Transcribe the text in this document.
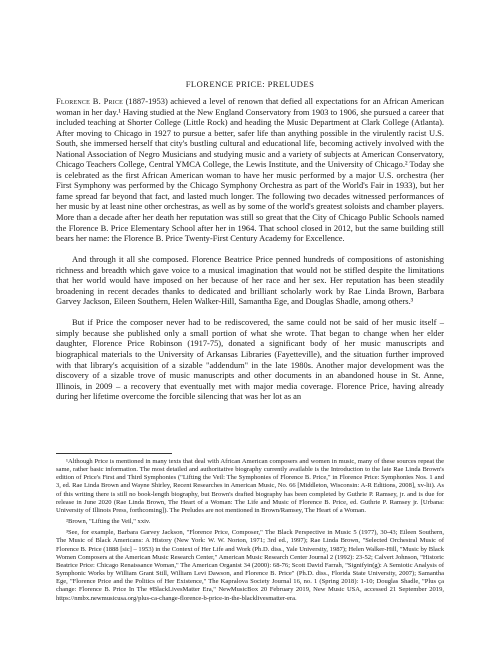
FLORENCE PRICE: PRELUDES

Florence B. Price (1887-1953) achieved a level of renown that defied all expectations for an African American woman in her day.¹ Having studied at the New England Conservatory from 1903 to 1906, she pursued a career that included teaching at Shorter College (Little Rock) and heading the Music Department at Clark College (Atlanta). After moving to Chicago in 1927 to pursue a better, safer life than anything possible in the virulently racist U.S. South, she immersed herself that city's bustling cultural and educational life, becoming actively involved with the National Association of Negro Musicians and studying music and a variety of subjects at American Conservatory, Chicago Teachers College, Central YMCA College, the Lewis Institute, and the University of Chicago.² Today she is celebrated as the first African American woman to have her music performed by a major U.S. orchestra (her First Symphony was performed by the Chicago Symphony Orchestra as part of the World's Fair in 1933), but her fame spread far beyond that fact, and lasted much longer. The following two decades witnessed performances of her music by at least nine other orchestras, as well as by some of the world's greatest soloists and chamber players. More than a decade after her death her reputation was still so great that the City of Chicago Public Schools named the Florence B. Price Elementary School after her in 1964. That school closed in 2012, but the same building still bears her name: the Florence B. Price Twenty-First Century Academy for Excellence.

And through it all she composed. Florence Beatrice Price penned hundreds of compositions of astonishing richness and breadth which gave voice to a musical imagination that would not be stifled despite the limitations that her world would have imposed on her because of her race and her sex. Her reputation has been steadily broadening in recent decades thanks to dedicated and brilliant scholarly work by Rae Linda Brown, Barbara Garvey Jackson, Eileen Southern, Helen Walker-Hill, Samantha Ege, and Douglas Shadle, among others.³

But if Price the composer never had to be rediscovered, the same could not be said of her music itself – simply because she published only a small portion of what she wrote. That began to change when her elder daughter, Florence Price Robinson (1917-75), donated a significant body of her music manuscripts and biographical materials to the University of Arkansas Libraries (Fayetteville), and the situation further improved with that library's acquisition of a sizable "addendum" in the late 1980s. Another major development was the discovery of a sizable trove of music manuscripts and other documents in an abandoned house in St. Anne, Illinois, in 2009 – a recovery that eventually met with major media coverage. Florence Price, having already during her lifetime overcome the forcible silencing that was her lot as an

¹Although Price is mentioned in many texts that deal with African American composers and women in music, many of these sources repeat the same, rather basic information. The most detailed and authoritative biography currently available is the Introduction to the late Rae Linda Brown's edition of Price's First and Third Symphonies ("Lifting the Veil: The Symphonies of Florence B. Price," in Florence Price: Symphonies Nos. 1 and 3, ed. Rae Linda Brown and Wayne Shirley, Recent Researches in American Music, No. 66 [Middleton, Wisconsin: A-R Editions, 2008], xv-lii). As of this writing there is still no book-length biography, but Brown's drafted biography has been completed by Guthrie P. Ramsey, jr. and is due for release in June 2020 (Rae Linda Brown, The Heart of a Woman: The Life and Music of Florence B. Price, ed. Guthrie P. Ramsey jr. [Urbana: University of Illinois Press, forthcoming]). The Preludes are not mentioned in Brown/Ramsey, The Heart of a Woman.

²Brown, "Lifting the Veil," xxiv.

³See, for example, Barbara Garvey Jackson, "Florence Price, Composer," The Black Perspective in Music 5 (1977), 30-43; Eileen Southern, The Music of Black Americans: A History (New York: W. W. Norton, 1971; 3rd ed., 1997); Rae Linda Brown, "Selected Orchestral Music of Florence B. Price (1888 [sic] – 1953) in the Context of Her Life and Work (Ph.D. diss., Yale University, 1987); Helen Walker-Hill, "Music by Black Women Composers at the American Music Research Center," American Music Research Center Journal 2 (1992): 23-52; Calvert Johnson, "Historic Beatrice Price: Chicago Renaissance Woman," The American Organist 34 (2000): 68-76; Scott David Farrah, "Signifyin(g): A Semiotic Analysis of Symphonic Works by William Grant Still, William Levi Dawson, and Florence B. Price" (Ph.D. diss., Florida State University, 2007); Samantha Ege, "Florence Price and the Politics of Her Existence," The Kapralova Society Journal 16, no. 1 (Spring 2018): 1-10; Douglas Shadle, "Plus ça change: Florence B. Price In The #BlackLivesMatter Era," NewMusicBox 20 February 2019, New Music USA, accessed 21 September 2019, https://nmbx.newmusicusa.org/plus-ca-change-florence-b-price-in-the-blacklivesmatter-era.
